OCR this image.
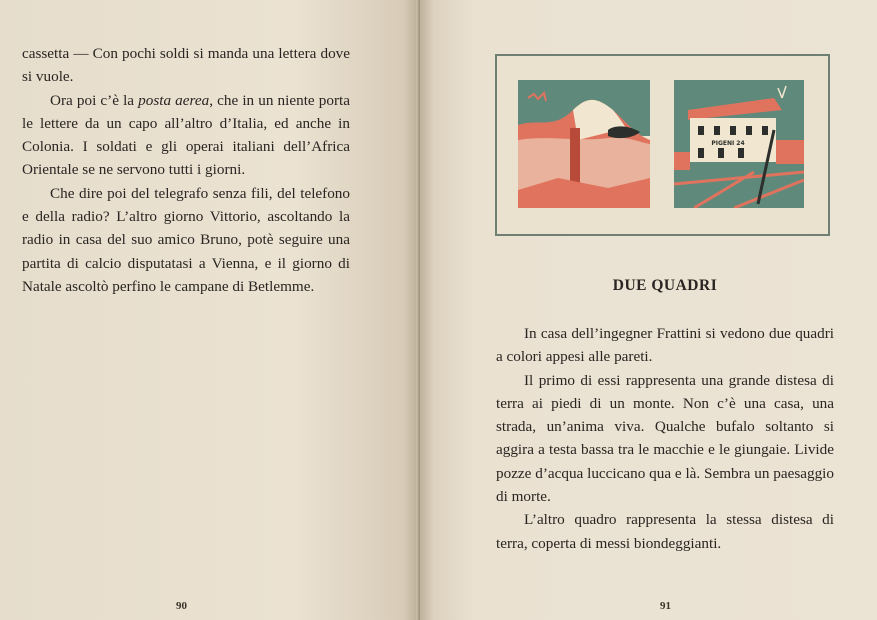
cassetta — Con pochi soldi si manda una lettera dove si vuole.

Ora poi c’è la posta aerea, che in un niente porta le lettere da un capo all’altro d’Italia, ed anche in Colonia. I soldati e gli operai italiani dell’Africa Orientale se ne servono tutti i giorni.

Che dire poi del telegrafo senza fili, del telefono e della radio? L’altro giorno Vittorio, ascoltando la radio in casa del suo amico Bruno, potè seguire una partita di calcio disputatasi a Vienna, e il giorno di Natale ascoltò perfino le campane di Betlemme.

90
PIGENI 24
DUE QUADRI

In casa dell’ingegner Frattini si vedono due quadri a colori appesi alle pareti.

Il primo di essi rappresenta una grande distesa di terra ai piedi di un monte. Non c’è una casa, una strada, un’anima viva. Qualche bufalo soltanto si aggira a testa bassa tra le macchie e le giungaie. Livide pozze d’acqua luccicano qua e là. Sembra un paesaggio di morte.

L’altro quadro rappresenta la stessa distesa di terra, coperta di messi biondeggianti.

91
